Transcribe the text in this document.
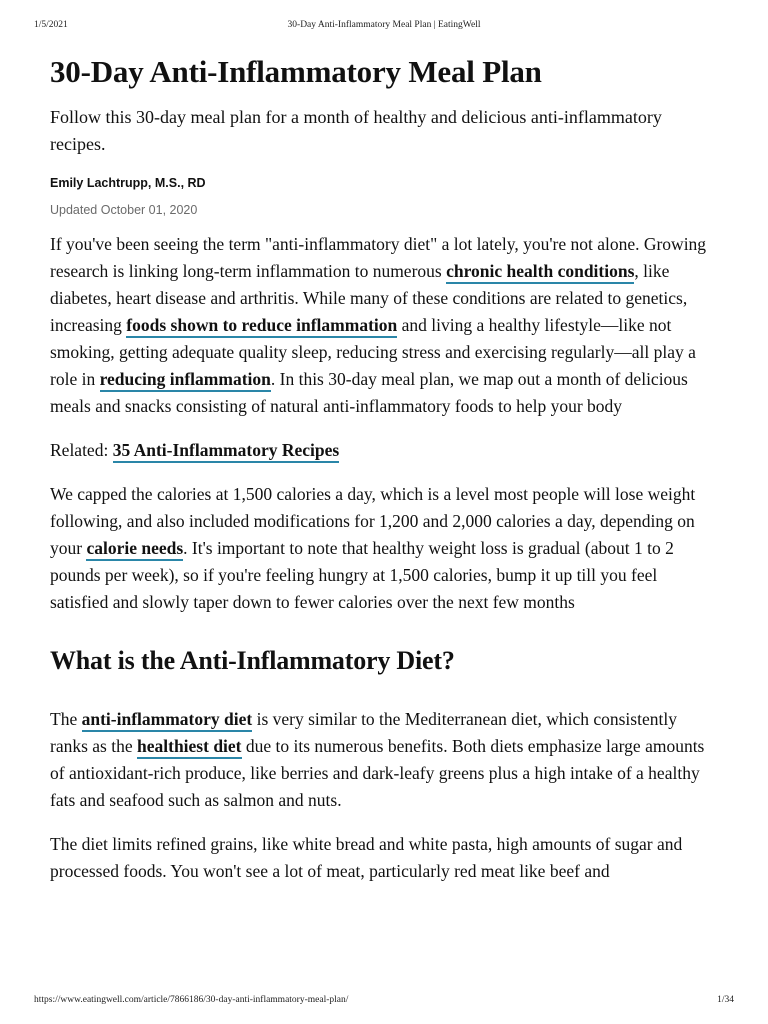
1/5/2021	30-Day Anti-Inflammatory Meal Plan | EatingWell
30-Day Anti-Inflammatory Meal Plan

Follow this 30-day meal plan for a month of healthy and delicious anti-inflammatory recipes.

Emily Lachtrupp, M.S., RD
Updated October 01, 2020

If you've been seeing the term "anti-inflammatory diet" a lot lately, you're not alone. Growing research is linking long-term inflammation to numerous chronic health conditions, like diabetes, heart disease and arthritis. While many of these conditions are related to genetics, increasing foods shown to reduce inflammation and living a healthy lifestyle—like not smoking, getting adequate quality sleep, reducing stress and exercising regularly—all play a role in reducing inflammation. In this 30-day meal plan, we map out a month of delicious meals and snacks consisting of natural anti-inflammatory foods to help your body

Related: 35 Anti-Inflammatory Recipes

We capped the calories at 1,500 calories a day, which is a level most people will lose weight following, and also included modifications for 1,200 and 2,000 calories a day, depending on your calorie needs. It's important to note that healthy weight loss is gradual (about 1 to 2 pounds per week), so if you're feeling hungry at 1,500 calories, bump it up till you feel satisfied and slowly taper down to fewer calories over the next few months

What is the Anti-Inflammatory Diet?

The anti-inflammatory diet is very similar to the Mediterranean diet, which consistently ranks as the healthiest diet due to its numerous benefits. Both diets emphasize large amounts of antioxidant-rich produce, like berries and dark-leafy greens plus a high intake of a healthy fats and seafood such as salmon and nuts.

The diet limits refined grains, like white bread and white pasta, high amounts of sugar and processed foods. You won't see a lot of meat, particularly red meat like beef and

https://www.eatingwell.com/article/7866186/30-day-anti-inflammatory-meal-plan/	1/34
